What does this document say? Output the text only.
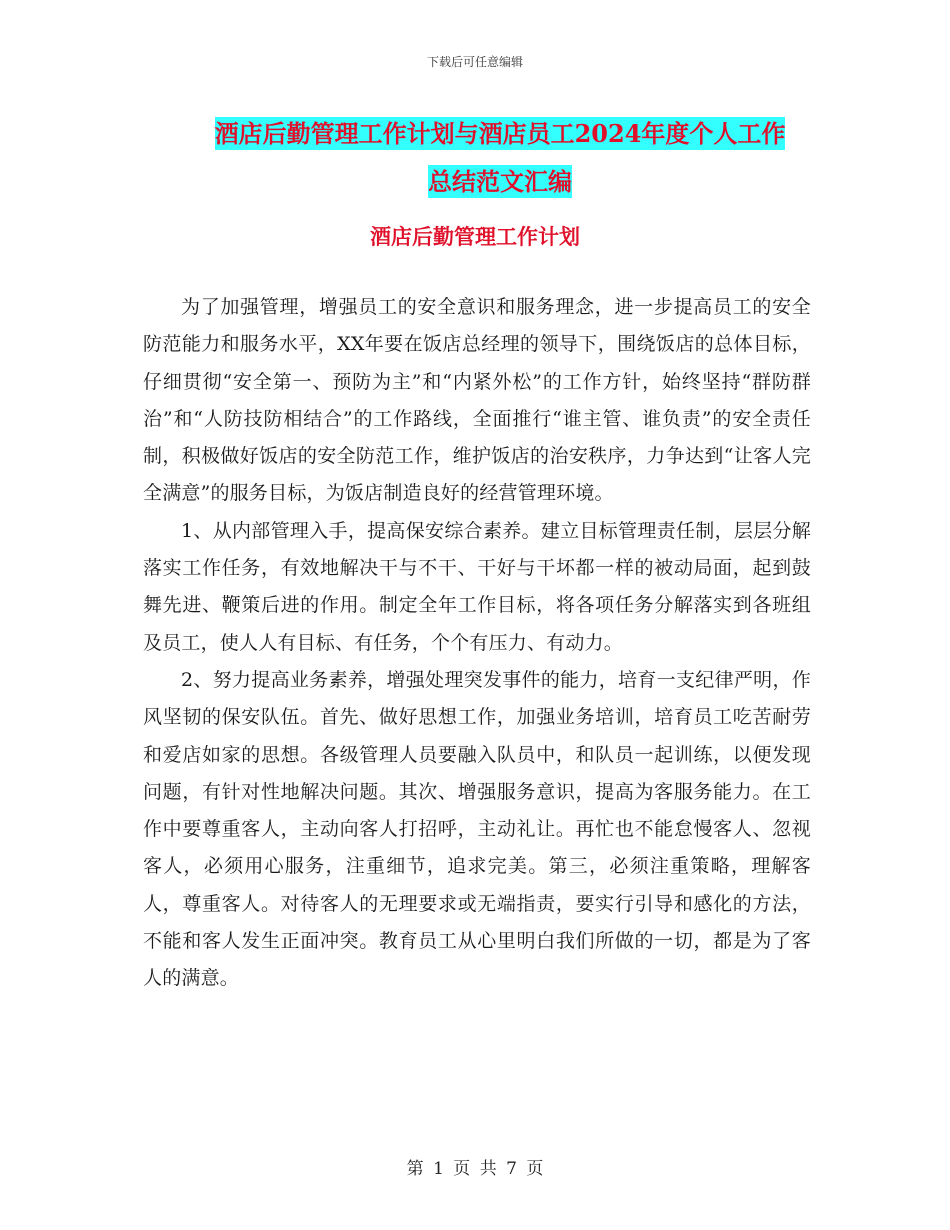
下载后可任意编辑
酒店后勤管理工作计划与酒店员工2024年度个人工作
总结范文汇编
酒店后勤管理工作计划

为了加强管理，增强员工的安全意识和服务理念，进一步提高员工的安全防范能力和服务水平，XX年要在饭店总经理的领导下，围绕饭店的总体目标，仔细贯彻“安全第一、预防为主”和“内紧外松”的工作方针，始终坚持“群防群治”和“人防技防相结合”的工作路线，全面推行“谁主管、谁负责”的安全责任制，积极做好饭店的安全防范工作，维护饭店的治安秩序，力争达到“让客人完全满意”的服务目标，为饭店制造良好的经营管理环境。

1、从内部管理入手，提高保安综合素养。建立目标管理责任制，层层分解落实工作任务，有效地解决干与不干、干好与干坏都一样的被动局面，起到鼓舞先进、鞭策后进的作用。制定全年工作目标，将各项任务分解落实到各班组及员工，使人人有目标、有任务，个个有压力、有动力。

2、努力提高业务素养，增强处理突发事件的能力，培育一支纪律严明，作风坚韧的保安队伍。首先、做好思想工作，加强业务培训，培育员工吃苦耐劳和爱店如家的思想。各级管理人员要融入队员中，和队员一起训练，以便发现问题，有针对性地解决问题。其次、增强服务意识，提高为客服务能力。在工作中要尊重客人，主动向客人打招呼，主动礼让。再忙也不能怠慢客人、忽视客人，必须用心服务，注重细节，追求完美。第三，必须注重策略，理解客人，尊重客人。对待客人的无理要求或无端指责，要实行引导和感化的方法，不能和客人发生正面冲突。教育员工从心里明白我们所做的一切，都是为了客人的满意。

第 1 页 共 7 页
